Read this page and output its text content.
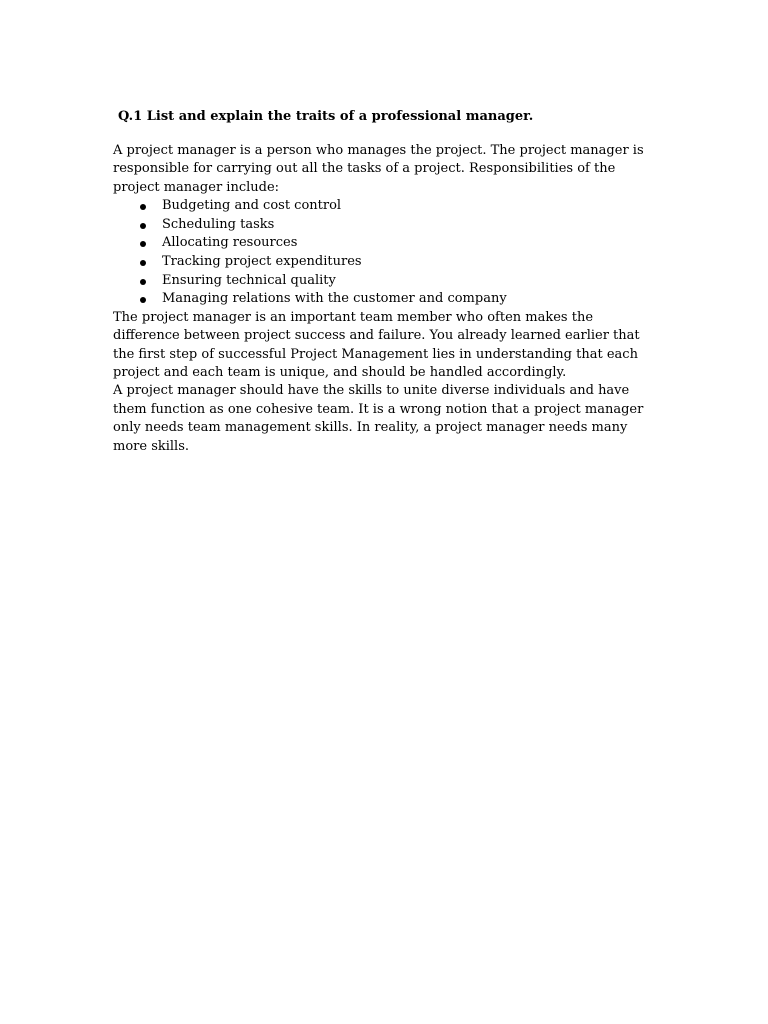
Q.1 List and explain the traits of a professional manager.

A project manager is a person who manages the project. The project manager is responsible for carrying out all the tasks of a project. Responsibilities of the project manager include:

Budgeting and cost control
Scheduling tasks
Allocating resources
Tracking project expenditures
Ensuring technical quality
Managing relations with the customer and company

The project manager is an important team member who often makes the difference between project success and failure. You already learned earlier that the first step of successful Project Management lies in understanding that each project and each team is unique, and should be handled accordingly.

A project manager should have the skills to unite diverse individuals and have them function as one cohesive team. It is a wrong notion that a project manager only needs team management skills. In reality, a project manager needs many more skills.
